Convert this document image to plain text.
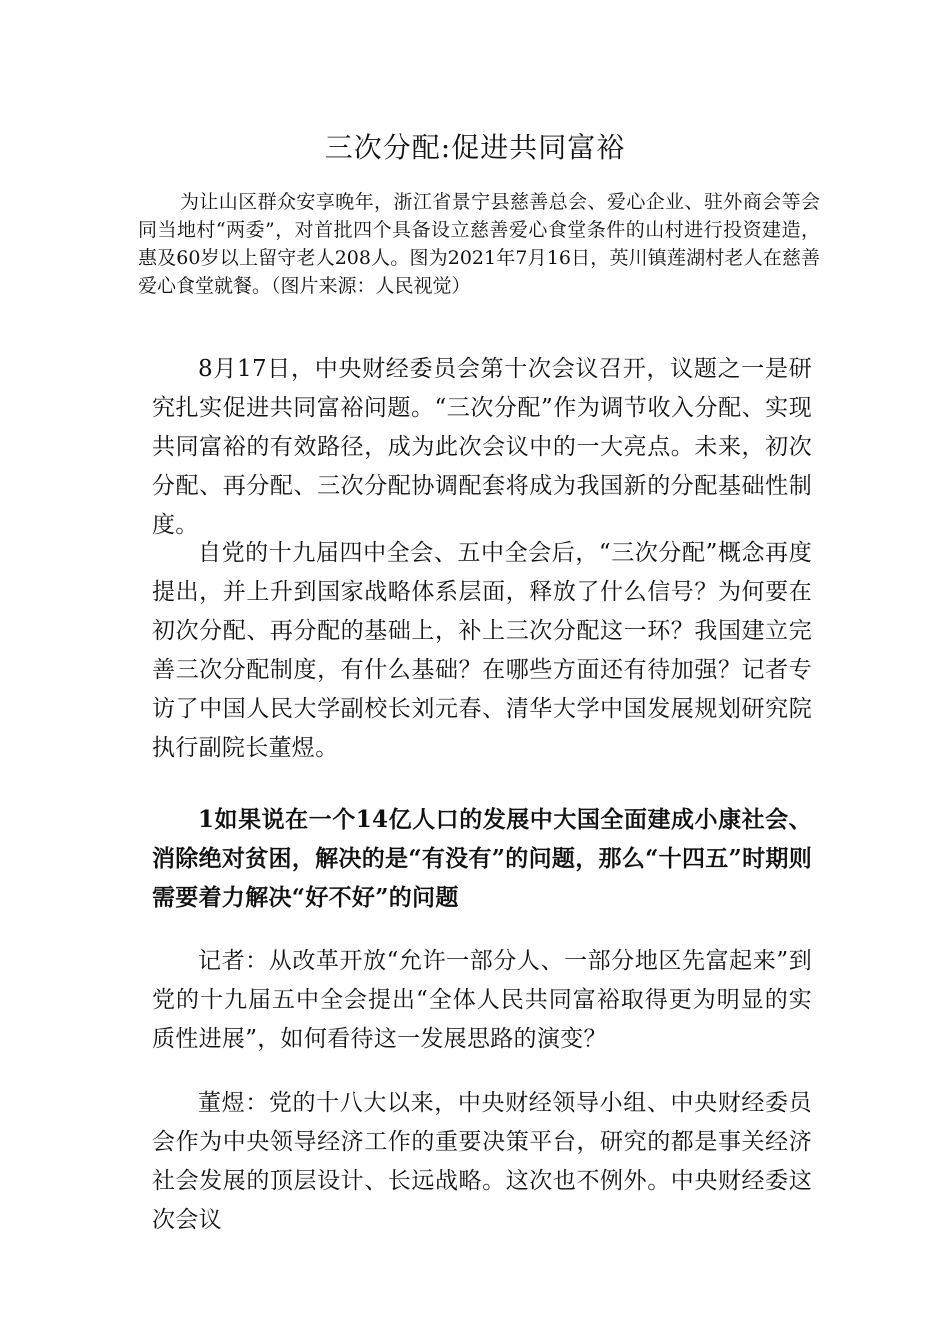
三次分配:促进共同富裕

为让山区群众安享晚年，浙江省景宁县慈善总会、爱心企业、驻外商会等会同当地村“两委”，对首批四个具备设立慈善爱心食堂条件的山村进行投资建造，惠及60岁以上留守老人208人。图为2021年7月16日，英川镇莲湖村老人在慈善爱心食堂就餐。（图片来源：人民视觉）

8月17日，中央财经委员会第十次会议召开，议题之一是研究扎实促进共同富裕问题。“三次分配”作为调节收入分配、实现共同富裕的有效路径，成为此次会议中的一大亮点。未来，初次分配、再分配、三次分配协调配套将成为我国新的分配基础性制度。

自党的十九届四中全会、五中全会后，“三次分配”概念再度提出，并上升到国家战略体系层面，释放了什么信号？为何要在初次分配、再分配的基础上，补上三次分配这一环？我国建立完善三次分配制度，有什么基础？在哪些方面还有待加强？记者专访了中国人民大学副校长刘元春、清华大学中国发展规划研究院执行副院长董煜。

1如果说在一个14亿人口的发展中大国全面建成小康社会、消除绝对贫困，解决的是“有没有”的问题，那么“十四五”时期则需要着力解决“好不好”的问题

记者：从改革开放“允许一部分人、一部分地区先富起来”到党的十九届五中全会提出“全体人民共同富裕取得更为明显的实质性进展”，如何看待这一发展思路的演变？

董煜：党的十八大以来，中央财经领导小组、中央财经委员会作为中央领导经济工作的重要决策平台，研究的都是事关经济社会发展的顶层设计、长远战略。这次也不例外。中央财经委这次会议
